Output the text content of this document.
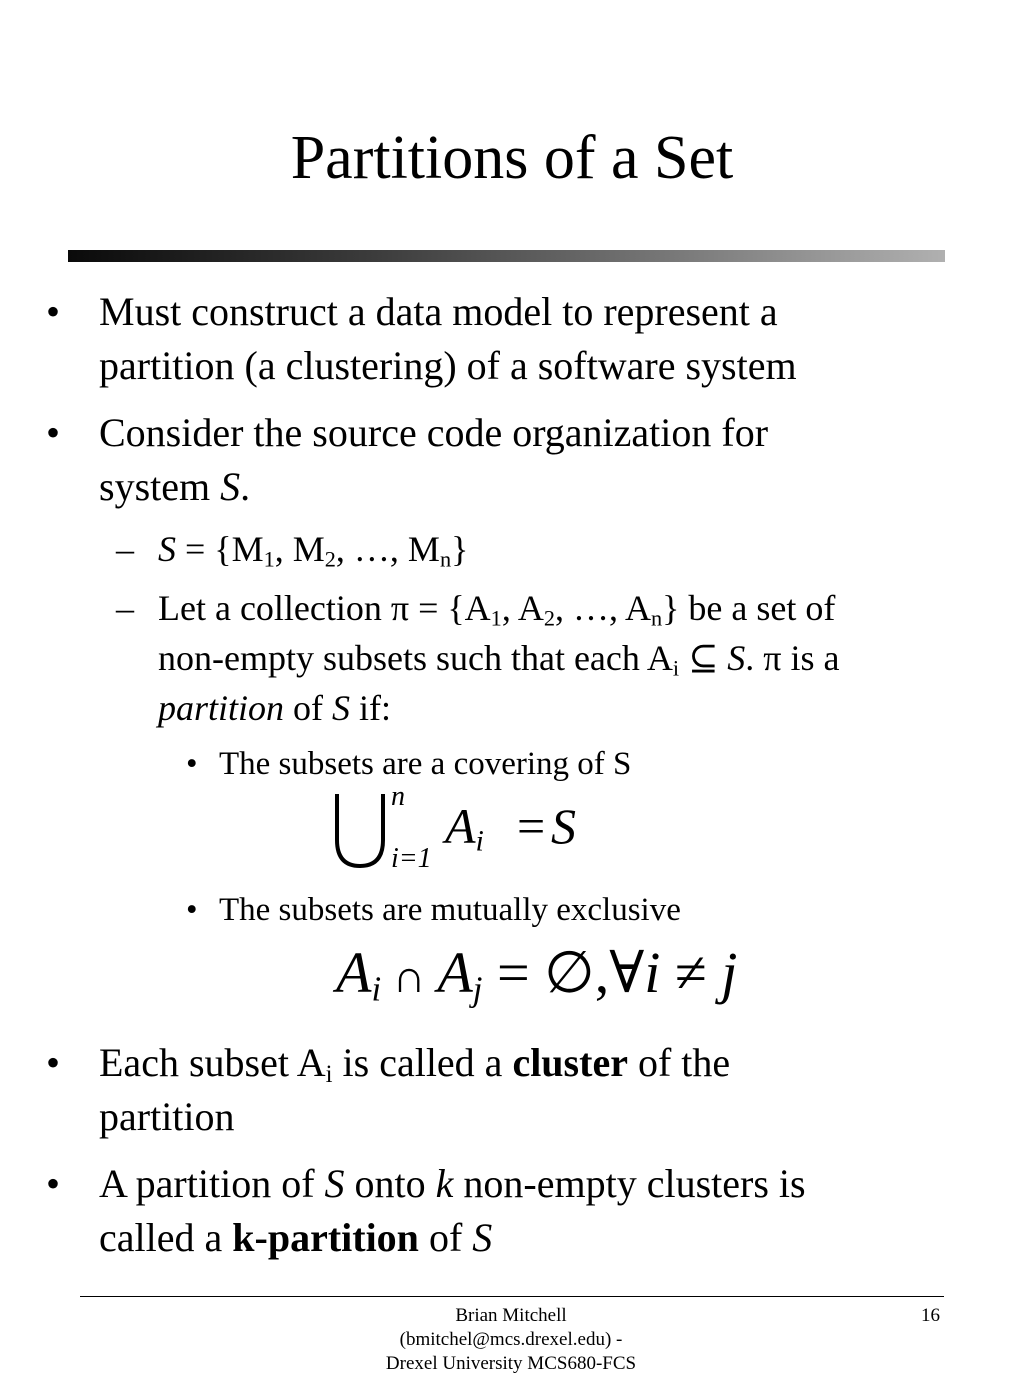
Partitions of a Set
• Must construct a data model to represent a
partition (a clustering) of a software system
• Consider the source code organization for
system S.
– $S = \{M_1$, $M_2$, …, $M_n$}
– Let a collection $\pi = \{A_1$, $A_2$, …, $A_n$} be a set of
non-empty subsets such that each $A_i$ ⊆ S. π is a
partition of S if:
• The subsets are a covering of S
n
i=1
$A_i = S$
• The subsets are mutually exclusive
$A_i$ ∩ $A_j$ = ∅,∀i ≠ j
• Each subset $A_i$ is called a cluster of the
partition
• A partition of S onto k non-empty clusters is
called a k-partition of S
Brian Mitchell
(bmitchel@mcs.drexel.edu) -
Drexel University MCS680-FCS
16
